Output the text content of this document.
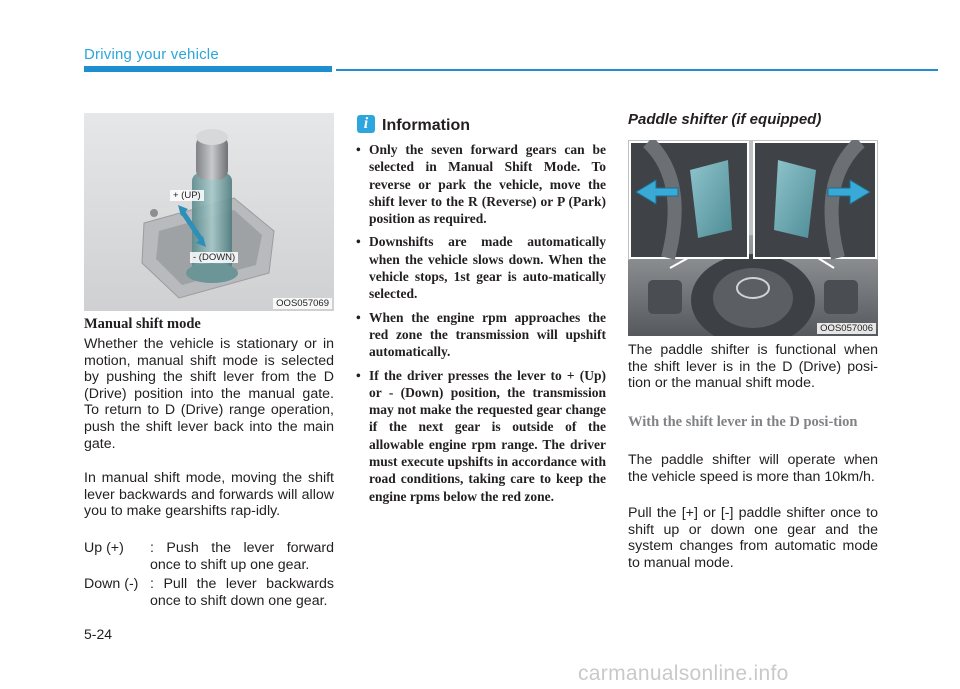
Driving your vehicle
+ (UP)
- (DOWN)
OOS057069
Manual shift mode
Whether the vehicle is stationary or in motion, manual shift mode is selected by pushing the shift lever from the D (Drive) position into the manual gate. To return to D (Drive) range operation, push the shift lever back into the main gate.
In manual shift mode, moving the shift lever backwards and forwards will allow you to make gearshifts rap-idly.
Up (+)	: Push the lever forward once to shift up one gear.
Down (-) : Pull the lever backwards once to shift down one gear.
i Information
• Only the seven forward gears can be selected in Manual Shift Mode. To reverse or park the vehicle, move the shift lever to the R (Reverse) or P (Park) position as required.
• Downshifts are made automatically when the vehicle slows down. When the vehicle stops, 1st gear is auto-matically selected.
• When the engine rpm approaches the red zone the transmission will upshift automatically.
• If the driver presses the lever to + (Up) or - (Down) position, the transmission may not make the requested gear change if the next gear is outside of the allowable engine rpm range. The driver must execute upshifts in accordance with road conditions, taking care to keep the engine rpms below the red zone.
Paddle shifter (if equipped)
OOS057006
The paddle shifter is functional when the shift lever is in the D (Drive) posi-tion or the manual shift mode.
With the shift lever in the D posi-tion
The paddle shifter will operate when the vehicle speed is more than 10km/h.
Pull the [+] or [-] paddle shifter once to shift up or down one gear and the system changes from automatic mode to manual mode.
5-24
carmanualsonline.info
